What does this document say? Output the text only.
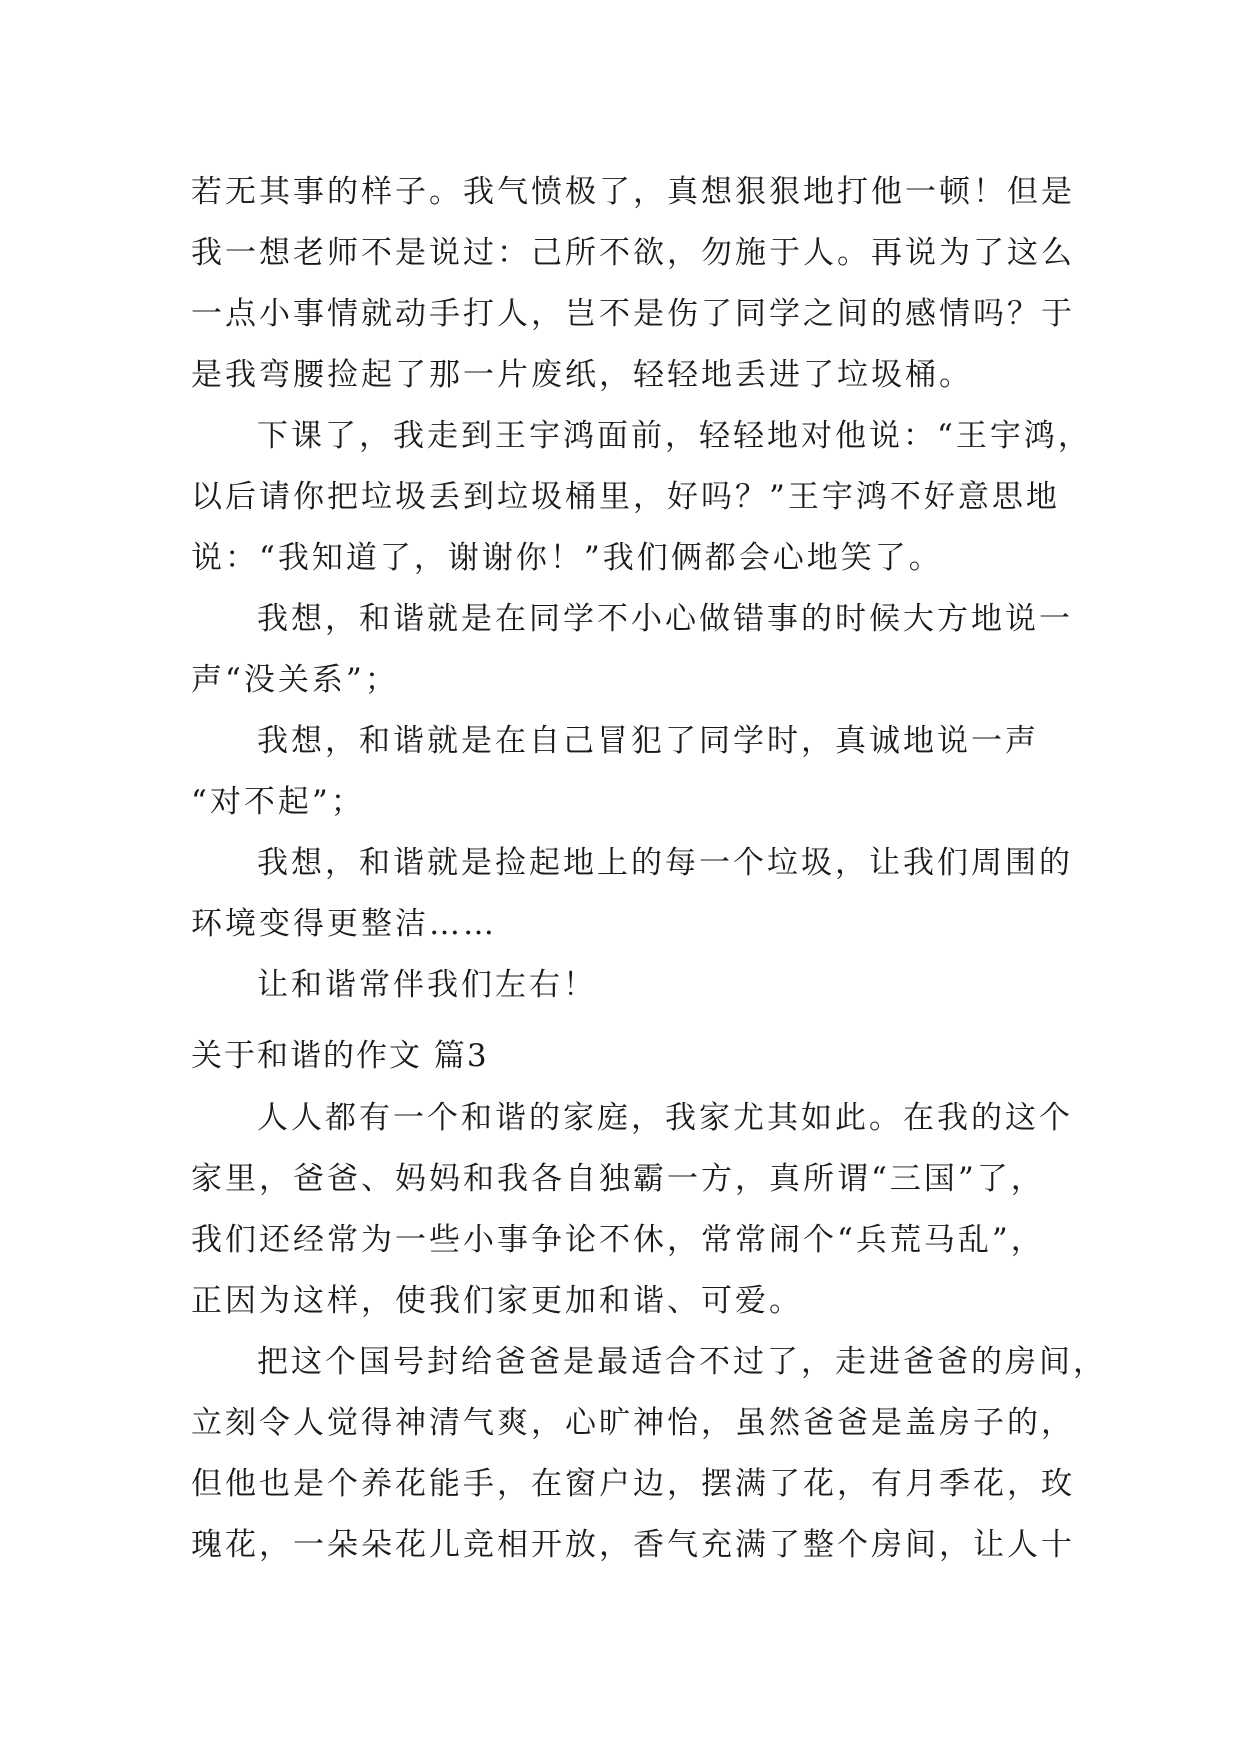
若无其事的样子。我气愤极了，真想狠狠地打他一顿！但是
我一想老师不是说过：己所不欲，勿施于人。再说为了这么
一点小事情就动手打人，岂不是伤了同学之间的感情吗？于
是我弯腰捡起了那一片废纸，轻轻地丢进了垃圾桶。
下课了，我走到王宇鸿面前，轻轻地对他说：“王宇鸿，
以后请你把垃圾丢到垃圾桶里，好吗？”王宇鸿不好意思地
说：“我知道了，谢谢你！”我们俩都会心地笑了。
我想，和谐就是在同学不小心做错事的时候大方地说一
声“没关系”；
我想，和谐就是在自己冒犯了同学时，真诚地说一声
“对不起”；
我想，和谐就是捡起地上的每一个垃圾，让我们周围的
环境变得更整洁……
让和谐常伴我们左右！
关于和谐的作文 篇3
人人都有一个和谐的家庭，我家尤其如此。在我的这个
家里，爸爸、妈妈和我各自独霸一方，真所谓“三国”了，
我们还经常为一些小事争论不休，常常闹个“兵荒马乱”，
正因为这样，使我们家更加和谐、可爱。
把这个国号封给爸爸是最适合不过了，走进爸爸的房间，
立刻令人觉得神清气爽，心旷神怡，虽然爸爸是盖房子的，
但他也是个养花能手，在窗户边，摆满了花，有月季花，玫
瑰花，一朵朵花儿竞相开放，香气充满了整个房间，让人十
